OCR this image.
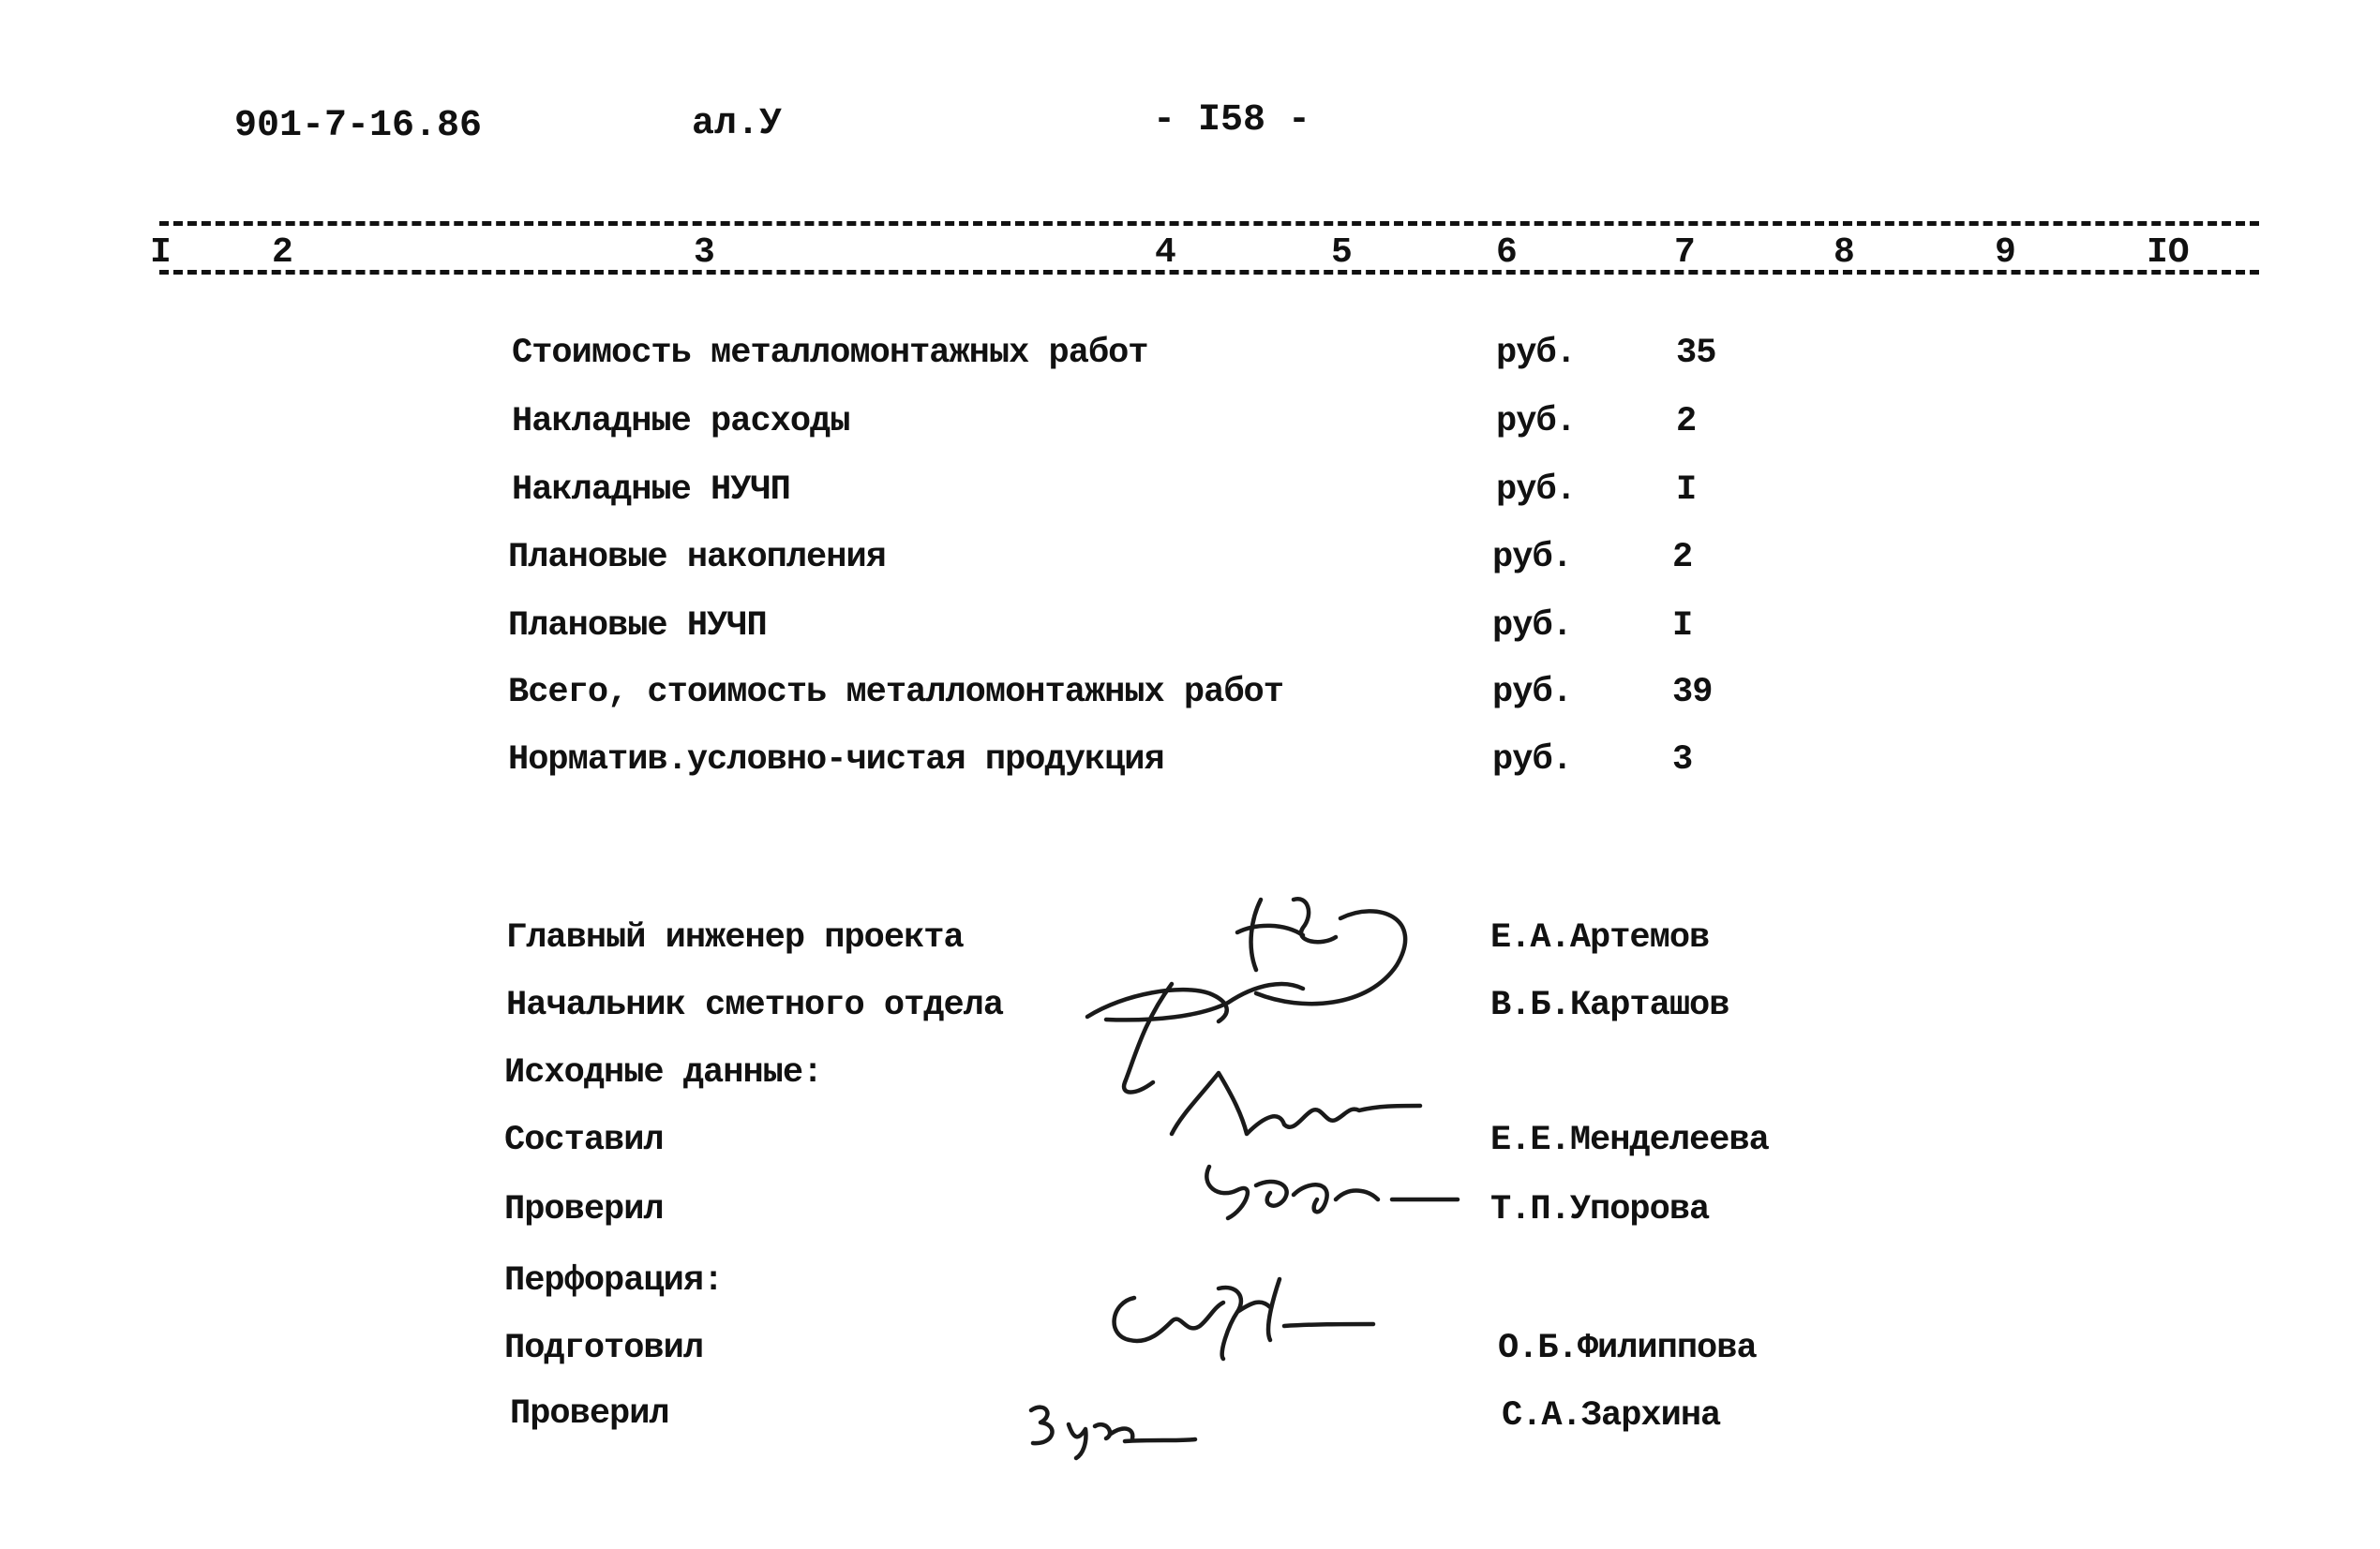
901-7-16.86	ал.У	- I58 -
I	2	3	4	5	6	7	8	9	IO
Стоимость металломонтажных работ	руб.	35
Накладные расходы	руб.	2
Накладные НУЧП	руб.	I
Плановые накопления	руб.	2
Плановые НУЧП	руб.	I
Всего, стоимость металломонтажных работ	руб.	39
Норматив.условно-чистая продукция	руб.	3
Главный инженер проекта	Е.А.Артемов
Начальник сметного отдела	В.Б.Карташов
Исходные данные:
Составил	Е.Е.Менделеева
Проверил	Т.П.Упорова
Перфорация:
Подготовил	О.Б.Филиппова
Проверил	С.А.Зархина
